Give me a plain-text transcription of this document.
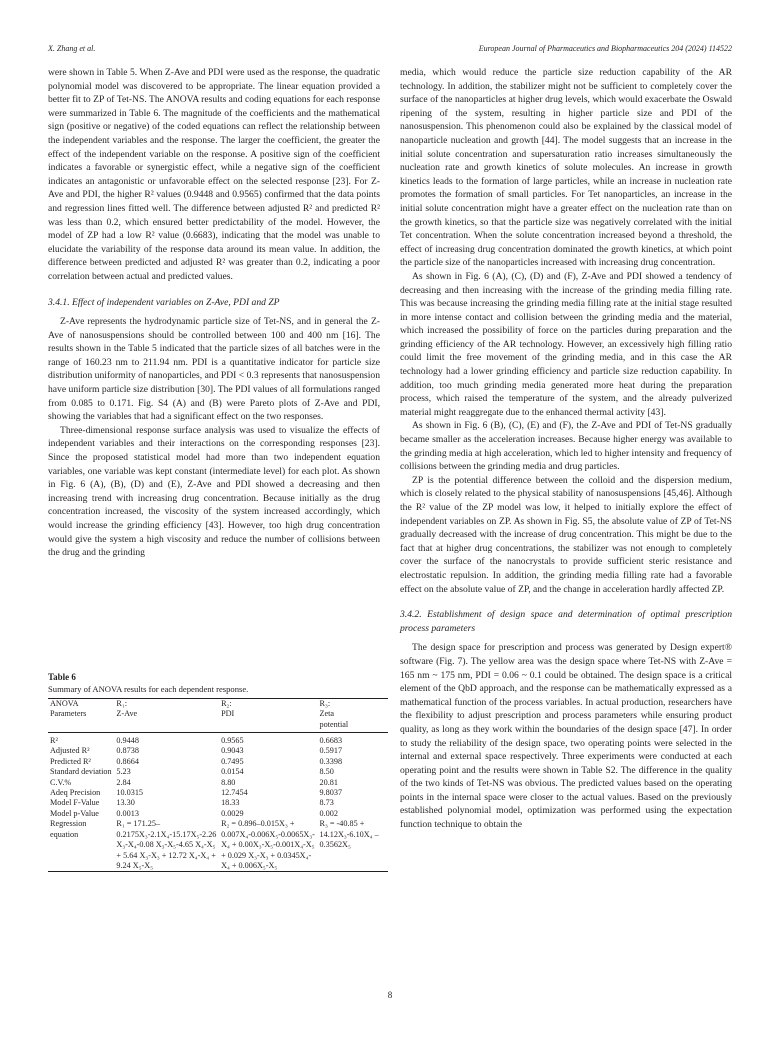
X. Zhang et al.	European Journal of Pharmaceutics and Biopharmaceutics 204 (2024) 114522

were shown in Table 5. When Z-Ave and PDI were used as the response, the quadratic polynomial model was discovered to be appropriate. The linear equation provided a better fit to ZP of Tet-NS. The ANOVA results and coding equations for each response were summarized in Table 6. The magnitude of the coefficients and the mathematical sign (positive or negative) of the coded equations can reflect the relationship between the independent variables and the response. The larger the coefficient, the greater the effect of the independent variable on the response. A positive sign of the coefficient indicates a favorable or synergistic effect, while a negative sign of the coefficient indicates an antagonistic or unfavorable effect on the selected response [23]. For Z-Ave and PDI, the higher R² values (0.9448 and 0.9565) confirmed that the data points and regression lines fitted well. The difference between adjusted R² and predicted R² was less than 0.2, which ensured better predictability of the model. However, the model of ZP had a low R² value (0.6683), indicating that the model was unable to elucidate the variability of the response data around its mean value. In addition, the difference between predicted and adjusted R² was greater than 0.2, indicating a poor correlation between actual and predicted values.

3.4.1. Effect of independent variables on Z-Ave, PDI and ZP

Z-Ave represents the hydrodynamic particle size of Tet-NS, and in general the Z-Ave of nanosuspensions should be controlled between 100 and 400 nm [16]. The results shown in the Table 5 indicated that the particle sizes of all batches were in the range of 160.23 nm to 211.94 nm. PDI is a quantitative indicator for particle size distribution uniformity of nanoparticles, and PDI < 0.3 represents that nanosuspension have uniform particle size distribution [30]. The PDI values of all formulations ranged from 0.085 to 0.171. Fig. S4 (A) and (B) were Pareto plots of Z-Ave and PDI, showing the variables that had a significant effect on the two responses.

Three-dimensional response surface analysis was used to visualize the effects of independent variables and their interactions on the corresponding responses [23]. Since the proposed statistical model had more than two independent equation variables, one variable was kept constant (intermediate level) for each plot. As shown in Fig. 6 (A), (B), (D) and (E), Z-Ave and PDI showed a decreasing and then increasing trend with increasing drug concentration. Because initially as the drug concentration increased, the viscosity of the system increased accordingly, which would increase the grinding efficiency [43]. However, too high drug concentration would give the system a high viscosity and reduce the number of collisions between the drug and the grinding

media, which would reduce the particle size reduction capability of the AR technology. In addition, the stabilizer might not be sufficient to completely cover the surface of the nanoparticles at higher drug levels, which would exacerbate the Oswald ripening of the system, resulting in higher particle size and PDI of the nanosuspension. This phenomenon could also be explained by the classical model of nanoparticle nucleation and growth [44]. The model suggests that an increase in the initial solute concentration and supersaturation ratio increases simultaneously the nucleation rate and growth kinetics of solute molecules. An increase in growth kinetics leads to the formation of large particles, while an increase in nucleation rate promotes the formation of small particles. For Tet nanoparticles, an increase in the initial solute concentration might have a greater effect on the nucleation rate than on the growth kinetics, so that the particle size was negatively correlated with the initial Tet concentration. When the solute concentration increased beyond a threshold, the effect of increasing drug concentration dominated the growth kinetics, at which point the particle size of the nanoparticles increased with increasing drug concentration.

As shown in Fig. 6 (A), (C), (D) and (F), Z-Ave and PDI showed a tendency of decreasing and then increasing with the increase of the grinding media filling rate. This was because increasing the grinding media filling rate at the initial stage resulted in more intense contact and collision between the grinding media and the material, which increased the possibility of force on the particles during preparation and the grinding efficiency of the AR technology. However, an excessively high filling ratio could limit the free movement of the grinding media, and in this case the AR technology had a lower grinding efficiency and particle size reduction capability. In addition, too much grinding media generated more heat during the preparation process, which raised the temperature of the system, and the already pulverized material might reaggregate due to the enhanced thermal activity [43].

As shown in Fig. 6 (B), (C), (E) and (F), the Z-Ave and PDI of Tet-NS gradually became smaller as the acceleration increases. Because higher energy was available to the grinding media at high acceleration, which led to higher intensity and frequency of collisions between the grinding media and drug particles.

ZP is the potential difference between the colloid and the dispersion medium, which is closely related to the physical stability of nanosuspensions [45,46]. Although the R² value of the ZP model was low, it helped to initially explore the effect of independent variables on ZP. As shown in Fig. S5, the absolute value of ZP of Tet-NS gradually decreased with the increase of drug concentration. This might be due to the fact that at higher drug concentrations, the stabilizer was not enough to completely cover the surface of the nanocrystals to provide sufficient steric resistance and electrostatic repulsion. In addition, the grinding media filling rate had a favorable effect on the absolute value of ZP, and the change in acceleration hardly affected ZP.

3.4.2. Establishment of design space and determination of optimal prescription process parameters

The design space for prescription and process was generated by Design expert® software (Fig. 7). The yellow area was the design space where Tet-NS with Z-Ave = 165 nm ~ 175 nm, PDI = 0.06 ~ 0.1 could be obtained. The design space is a critical element of the QbD approach, and the response can be mathematically expressed as a mathematical function of the process variables. In actual production, researchers have the flexibility to adjust prescription and process parameters while ensuring product quality, as long as they work within the boundaries of the design space [47]. In order to study the reliability of the design space, two operating points were selected in the internal and external space respectively. Three experiments were conducted at each operating point and the results were shown in Table S2. The difference in the quality of the two kinds of Tet-NS was obvious. The predicted values based on the operating points in the internal space were closer to the actual values. Based on the previously established polynomial model, optimization was performed using the expectation function technique to obtain the

Table 6
Summary of ANOVA results for each dependent response.
ANOVA	R₁:	R₂:	R₃:
Parameters	Z-Ave	PDI	Zeta
			potential
R²	0.9448	0.9565	0.6683
Adjusted R²	0.8738	0.9043	0.5917
Predicted R²	0.8664	0.7495	0.3398
Standard deviation	5.23	0.0154	8.50
C.V.%	2.84	8.80	20.81
Adeq Precision	10.0315	12.7454	9.8037
Model F-Value	13.30	18.33	8.73
Model p-Value	0.0013	0.0029	0.002
Regression equation	R₁ = 171.25–0.2175X₃-2.1X₄-15.17X₅-2.26 X₃-X₄-0.08 X₃-X₅-4.65 X₄-X₅ + 5.64 X₃-X₃ + 12.72 X₄-X₄ + 9.24 X₅-X₅	R₂ = 0.896–0.015X₃ + 0.007X₄-0.006X₅-0.0065X₃-X₄ + 0.00X₃-X₅-0.001X₄-X₅ + 0.029 X₃-X₃ + 0.0345X₄-X₄ + 0.006X₅-X₅	R₃ = -40.85 + 14.12X₃-6.10X₄ –0.3562X₅
8
